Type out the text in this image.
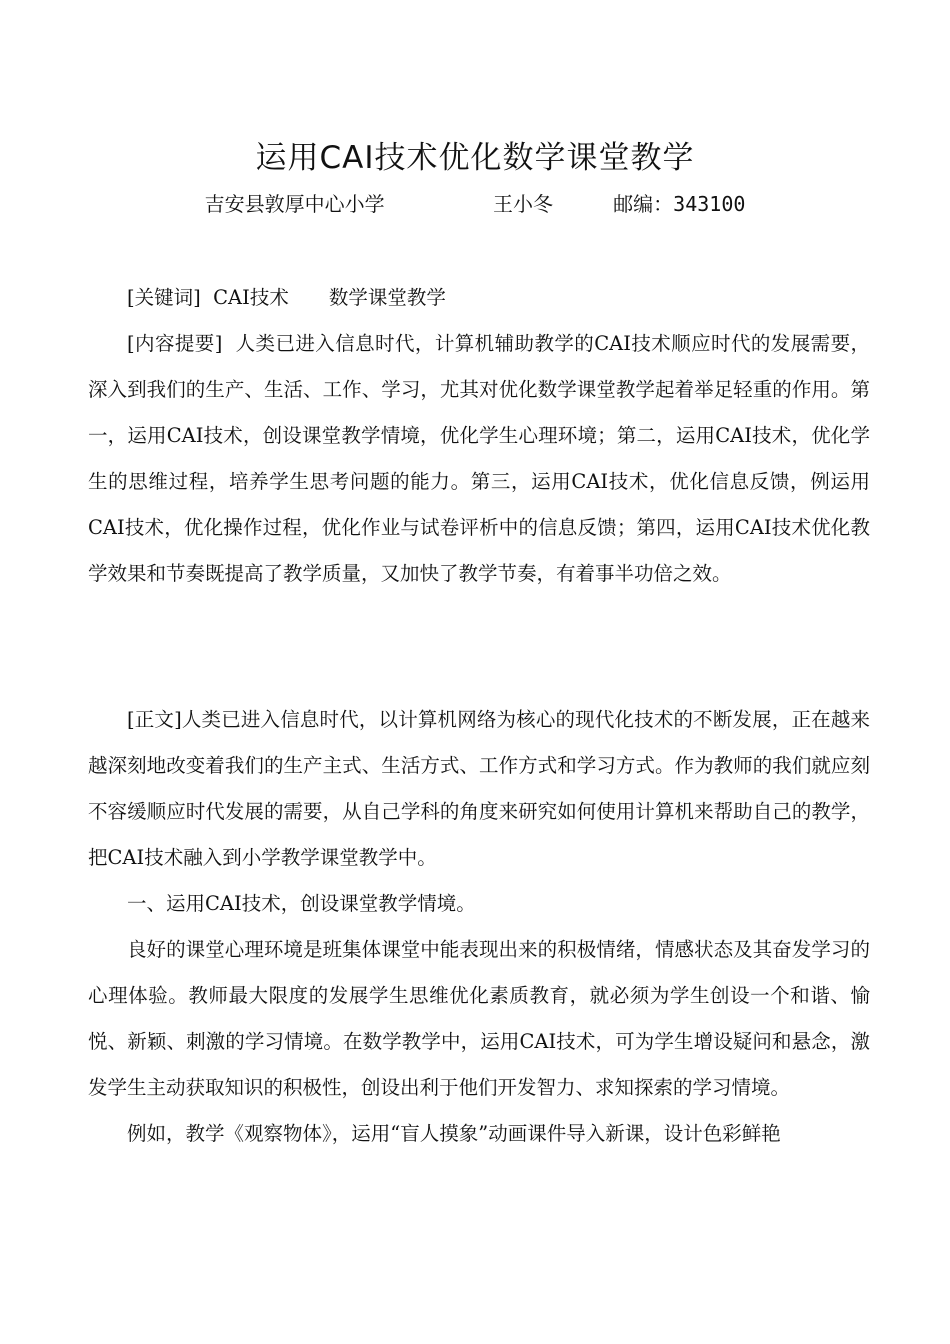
运用CAI技术优化数学课堂教学
吉安县敦厚中心小学	王小冬	邮编：343100

[关键词] CAI技术 数学课堂教学

[内容提要] 人类已进入信息时代，计算机辅助教学的CAI技术顺应时代的发展需要，深入到我们的生产、生活、工作、学习，尤其对优化数学课堂教学起着举足轻重的作用。第一，运用CAI技术，创设课堂教学情境，优化学生心理环境；第二，运用CAI技术，优化学生的思维过程，培养学生思考问题的能力。第三，运用CAI技术，优化信息反馈，例运用CAI技术，优化操作过程，优化作业与试卷评析中的信息反馈；第四，运用CAI技术优化教学效果和节奏既提高了教学质量，又加快了教学节奏，有着事半功倍之效。

[正文]人类已进入信息时代，以计算机网络为核心的现代化技术的不断发展，正在越来越深刻地改变着我们的生产主式、生活方式、工作方式和学习方式。作为教师的我们就应刻不容缓顺应时代发展的需要，从自己学科的角度来研究如何使用计算机来帮助自己的教学，把CAI技术融入到小学教学课堂教学中。

一、运用CAI技术，创设课堂教学情境。

良好的课堂心理环境是班集体课堂中能表现出来的积极情绪，情感状态及其奋发学习的心理体验。教师最大限度的发展学生思维优化素质教育，就必须为学生创设一个和谐、愉悦、新颖、刺激的学习情境。在数学教学中，运用CAI技术，可为学生增设疑问和悬念，激发学生主动获取知识的积极性，创设出利于他们开发智力、求知探索的学习情境。

例如，教学《观察物体》，运用“盲人摸象”动画课件导入新课，设计色彩鲜艳
